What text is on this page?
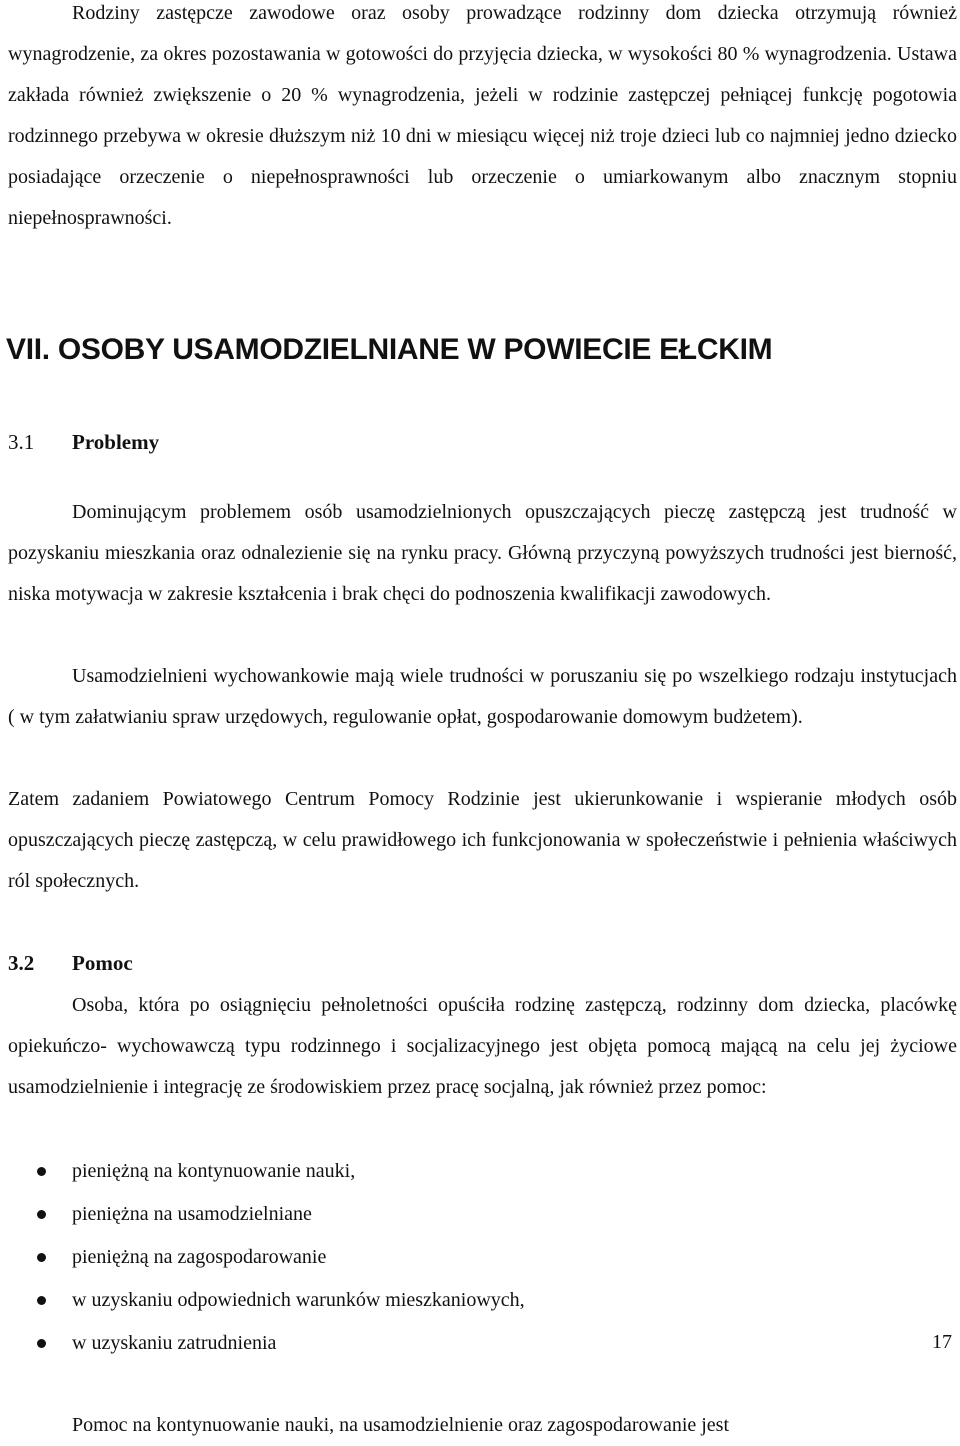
Rodziny zastępcze zawodowe oraz osoby prowadzące rodzinny dom dziecka otrzymują również wynagrodzenie, za okres pozostawania w gotowości do przyjęcia dziecka, w wysokości 80 % wynagrodzenia. Ustawa zakłada również zwiększenie o 20 % wynagrodzenia, jeżeli w rodzinie zastępczej pełniącej funkcję pogotowia rodzinnego przebywa w okresie dłuższym niż 10 dni w miesiącu więcej niż troje dzieci lub co najmniej jedno dziecko posiadające orzeczenie o niepełnosprawności lub orzeczenie o umiarkowanym albo znacznym stopniu niepełnosprawności.

VII. OSOBY USAMODZIELNIANE W POWIECIE EŁCKIM
3.1 Problemy

Dominującym problemem osób usamodzielnionych opuszczających pieczę zastępczą jest trudność w pozyskaniu mieszkania oraz odnalezienie się na rynku pracy. Główną przyczyną powyższych trudności jest bierność, niska motywacja w zakresie kształcenia i brak chęci do podnoszenia kwalifikacji zawodowych.

Usamodzielnieni wychowankowie mają wiele trudności w poruszaniu się po wszelkiego rodzaju instytucjach ( w tym załatwianiu spraw urzędowych, regulowanie opłat, gospodarowanie domowym budżetem).

Zatem zadaniem Powiatowego Centrum Pomocy Rodzinie jest ukierunkowanie i wspieranie młodych osób opuszczających pieczę zastępczą, w celu prawidłowego ich funkcjonowania w społeczeństwie i pełnienia właściwych ról społecznych.

3.2 Pomoc

Osoba, która po osiągnięciu pełnoletności opuściła rodzinę zastępczą, rodzinny dom dziecka, placówkę opiekuńczo- wychowawczą typu rodzinnego i socjalizacyjnego jest objęta pomocą mającą na celu jej życiowe usamodzielnienie i integrację ze środowiskiem przez pracę socjalną, jak również przez pomoc:

pieniężną na kontynuowanie nauki,
pieniężna na usamodzielniane
pieniężną na zagospodarowanie
w uzyskaniu odpowiednich warunków mieszkaniowych,
w uzyskaniu zatrudnienia	17

Pomoc na kontynuowanie nauki, na usamodzielnienie oraz zagospodarowanie jest
